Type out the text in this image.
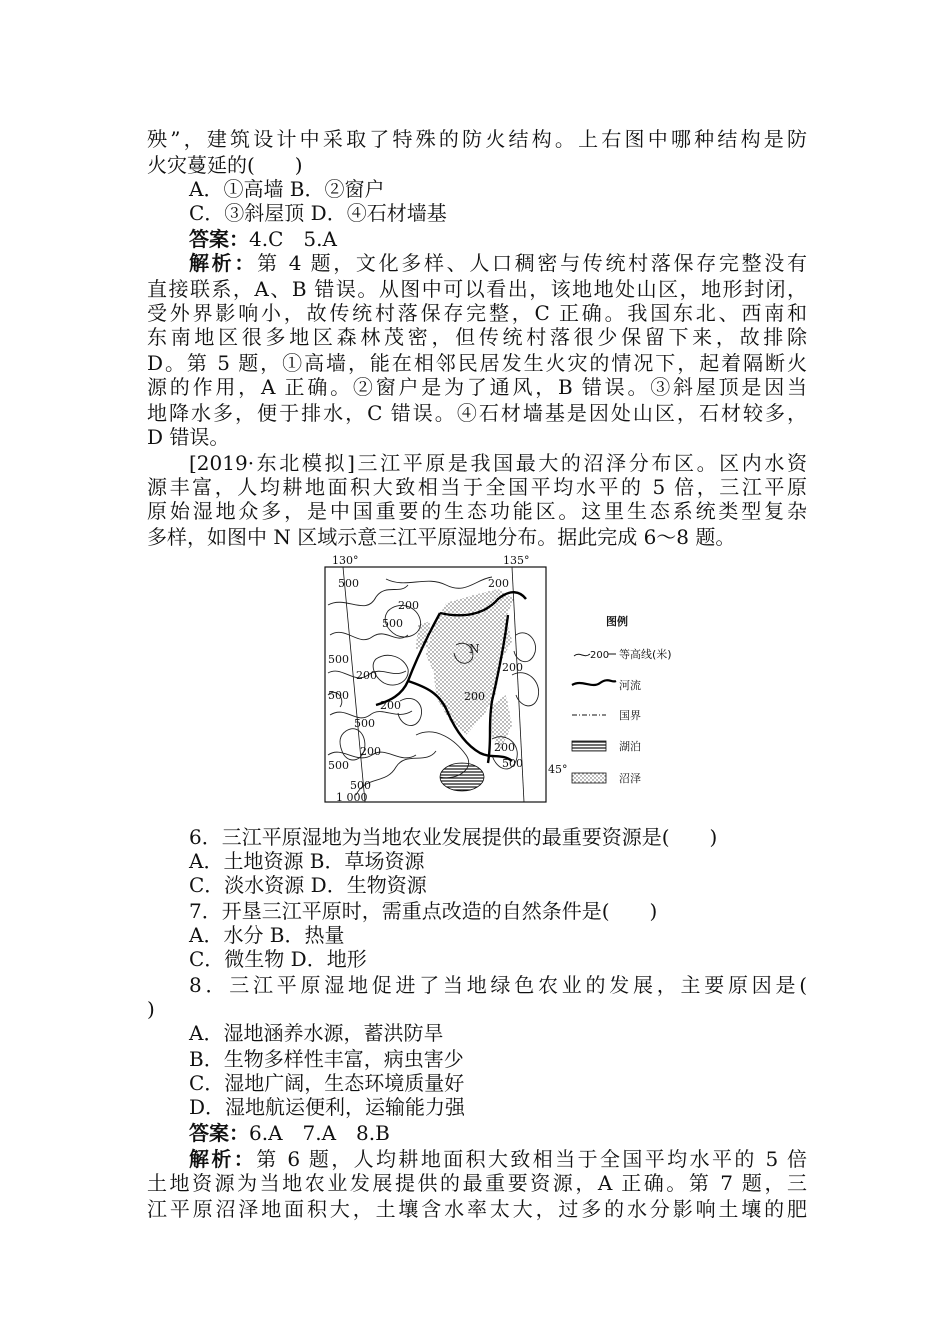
殃”，建筑设计中采取了特殊的防火结构。上右图中哪种结构是防
火灾蔓延的(　　)
A．①高墙 B．②窗户
C．③斜屋顶 D．④石材墙基
答案：4.C　5.A
解析：第 4 题，文化多样、人口稠密与传统村落保存完整没有
直接联系，A、B 错误。从图中可以看出，该地地处山区，地形封闭，
受外界影响小，故传统村落保存完整，C 正确。我国东北、西南和
东南地区很多地区森林茂密，但传统村落很少保留下来，故排除
D。第 5 题，①高墙，能在相邻民居发生火灾的情况下，起着隔断火
源的作用，A 正确。②窗户是为了通风，B 错误。③斜屋顶是因当
地降水多，便于排水，C 错误。④石材墙基是因处山区，石材较多，
D 错误。
[2019·东北模拟]三江平原是我国最大的沼泽分布区。区内水资
源丰富，人均耕地面积大致相当于全国平均水平的 5 倍，三江平原
原始湿地众多，是中国重要的生态功能区。这里生态系统类型复杂
多样，如图中 N 区域示意三江平原湿地分布。据此完成 6～8 题。
130°	135°
45°
N
500	200
200
500
500
200
200
200
200
500
500
200
500
200
500
500
1 000
图例
200 等高线(米)
河流
国界
湖泊
沼泽
6．三江平原湿地为当地农业发展提供的最重要资源是(　　)
A．土地资源 B．草场资源
C．淡水资源 D．生物资源
7．开垦三江平原时，需重点改造的自然条件是(　　)
A．水分 B．热量
C．微生物 D．地形
8．三江平原湿地促进了当地绿色农业的发展，主要原因是(
)
A．湿地涵养水源，蓄洪防旱
B．生物多样性丰富，病虫害少
C．湿地广阔，生态环境质量好
D．湿地航运便利，运输能力强
答案：6.A　7.A　8.B
解析：第 6 题，人均耕地面积大致相当于全国平均水平的 5 倍
土地资源为当地农业发展提供的最重要资源，A 正确。第 7 题，三
江平原沼泽地面积大，土壤含水率太大，过多的水分影响土壤的肥
